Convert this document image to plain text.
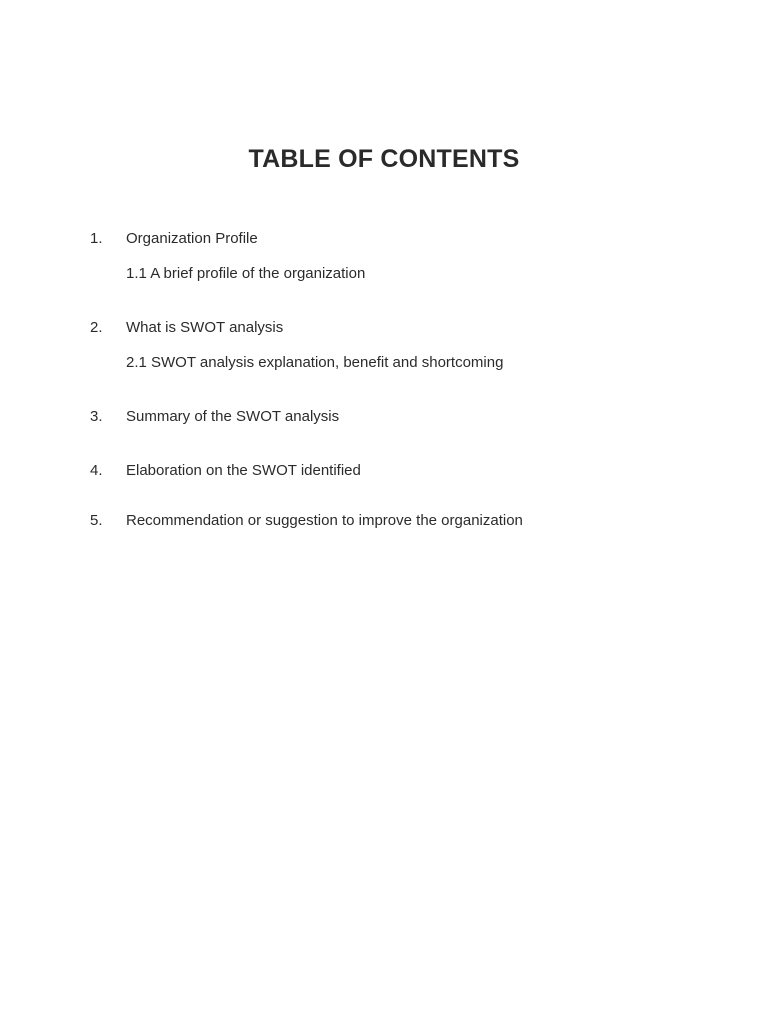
TABLE OF CONTENTS
1. Organization Profile
1.1 A brief profile of the organization
2. What is SWOT analysis
2.1 SWOT analysis explanation, benefit and shortcoming
3. Summary of the SWOT analysis
4. Elaboration on the SWOT identified
5. Recommendation or suggestion to improve the organization
